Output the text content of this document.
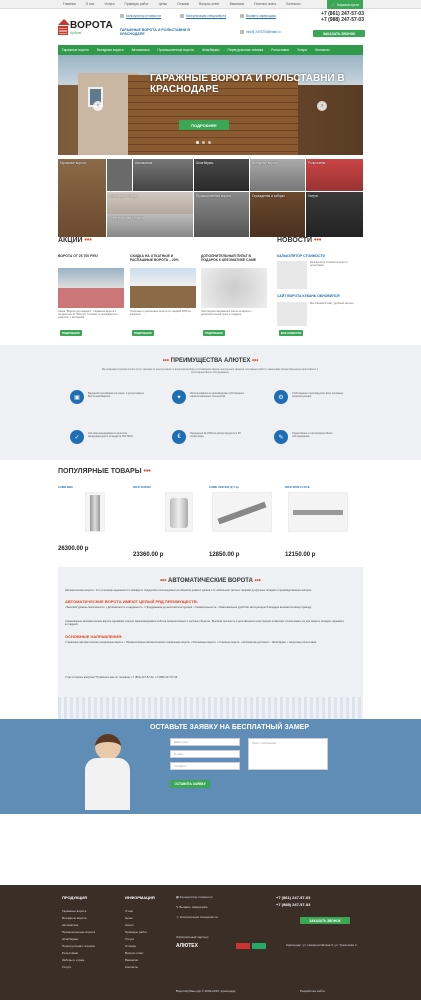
Главная	О нас	Услуги	Примеры работ	Цены	Отзывы	Вопрос-ответ	Вакансии	Полезно знать	Контакты	🛒 Корзина пуста
ВОРОТА
Кубань
ГАРАЖНЫЕ ВОРОТА И РОЛЬСТАВНИ В КРАСНОДАРЕ
Калькулятор стоимости	Консультация специалиста	Вызвать замерщика
info@ 2476753@mail.ru
+7 (861) 247-57-03
+7 (988) 247-57-03
ЗАКАЗАТЬ ЗВОНОК
Гаражные ворота	Въездные ворота	Автоматика	Промышленные ворота	Шлагбаумы	Перегрузочная техника	Рольставни	Услуги	Контакты
ГАРАЖНЫЕ ВОРОТА И РОЛЬСТАВНИ В КРАСНОДАРЕ
ПОДРОБНЕЕ
‹	›
Гаражные ворота	Автоматика	Шлагбаумы	Въездные ворота	Рольставни
Ворота для складов	Промышленные ворота
Перегрузочная техника
Ограждения и заборы	Услуги
АКЦИИ •••
ВОРОТА ОТ 25 700 РУБ!	СКИДКА НА ОТКАТНЫЕ И РАСПАШНЫЕ ВОРОТА – 20%
ДОПОЛНИТЕЛЬНЫЙ ПУЛЬТ В ПОДАРОК К АВТОМАТИКЕ CAME
Акция "Ворота для каждого". Гаражные ворота с мощностью 27 300 руб. Стоимость указывается в комплект с монтажом.
Откатные и распашные ворота со скидкой 20% на комплект
При покупке автоматики Came на ворота – дополнительный пульт в подарок.
ПОДРОБНЕЕ	ПОДРОБНЕЕ	ПОДРОБНЕЕ
НОВОСТИ •••
КАЛЬКУЛЯТОР СТОИМОСТИ
Калькулятор стоимости ворот и рольставен.
САЙТ ВОРОТА КУБАНЬ ОБНОВИЛСЯ
Мы обновили сайт, удобный каталог.
ВСЕ НОВОСТИ
••• ПРЕИМУЩЕСТВА АЛЮТЕХ •••
Мы оказываем полный спектр услуг: начиная от консультации по вопросам выбора и составления заказа, выполнения замеров, монтажных работ и заканчивая предоставлением гарантийного и послегарантийного обслуживания.
▣
Ведущий производитель ворот и рольставен в Восточной Европе.	✦
Использование в производстве собственных запатентованных технологий.	⚙
Собственное производство всех основных комплектующих.
✓
Система менеджмента качества международного стандарта ISO 9001.	€
Продукция ALUTECH экспортируется в 60 стран мира.	✎
Гарантийное и послегарантийное обслуживание.
ПОПУЛЯРНЫЕ ТОВАРЫ •••
CAME DBX	NICE SO2000	CAME VER 900 (2,7 м)	NICE SPIN 21 KCE
26300.00 р
23360.00 р	12850.00 р	12150.00 р
••• АВТОМАТИЧЕСКИЕ ВОРОТА •••
Автоматические ворота - это сочетание надежности и комфорта. Среди всех используемых на объектах разного уровня и от небольших частных гаражей до крупных складов и производственных ангаров.
АВТОМАТИЧЕСКИЕ ВОРОТА ИМЕЮТ ЦЕЛЫЙ РЯД ПРЕИМУЩЕСТВ:
• Высокий уровень безопасности. • Долговечность и надежность. • Продуманная до мелочей конструкция. • Универсальность. • Максимальное удобство эксплуатации благодаря автоматическому приводу.
Современные автоматические ворота одинаково хорошо зарекомендовали себя на промышленных и частных объектах. Высокая прочность и долговечность конструкции позволяют использовать их для защиты складов, гаражей и коттеджей.
ОСНОВНЫЕ НАПРАВЛЕНИЯ:
• Гаражные автоматические секционные ворота. • Промышленные автоматические секционные ворота. • Распашные ворота. • Откатные ворота. • Автоматика для ворот. • Шлагбаумы. • Защитные рольставни.
У вас остались вопросы? Позвоните нам по телефону +7 (861) 247-57-03, +7 (988) 247-57-03.
ОСТАВЬТЕ ЗАЯВКУ НА БЕСПЛАТНЫЙ ЗАМЕР
Ваше имя
E-mail
Телефон
Текст сообщения
ОСТАВИТЬ ЗАЯВКУ
ПРОДУКЦИЯ
Гаражные ворота
Въездные ворота
Автоматика
Промышленные ворота
Шлагбаумы
Перегрузочная техника
Рольставни
Заборы и ограж.
Услуги
ИНФОРМАЦИЯ
О нас
Цены
Акции
Примеры работ
Услуги
Отзывы
Вопрос-ответ
Вакансии
Контакты
▦ Калькулятор стоимости
✎ Вызвать замерщика
☺ Консультация специалиста
Официальный партнер
АЛЮТЕХ
+7 (861) 247-57-03
+7 (988) 247-57-03
ЗАКАЗАТЬ ЗВОНОК
Краснодар, ул. Новороссийская 6, ул. Уральская 2
ВоротаКубань.рф © 2009-2015, Краснодар	Разработка сайта
